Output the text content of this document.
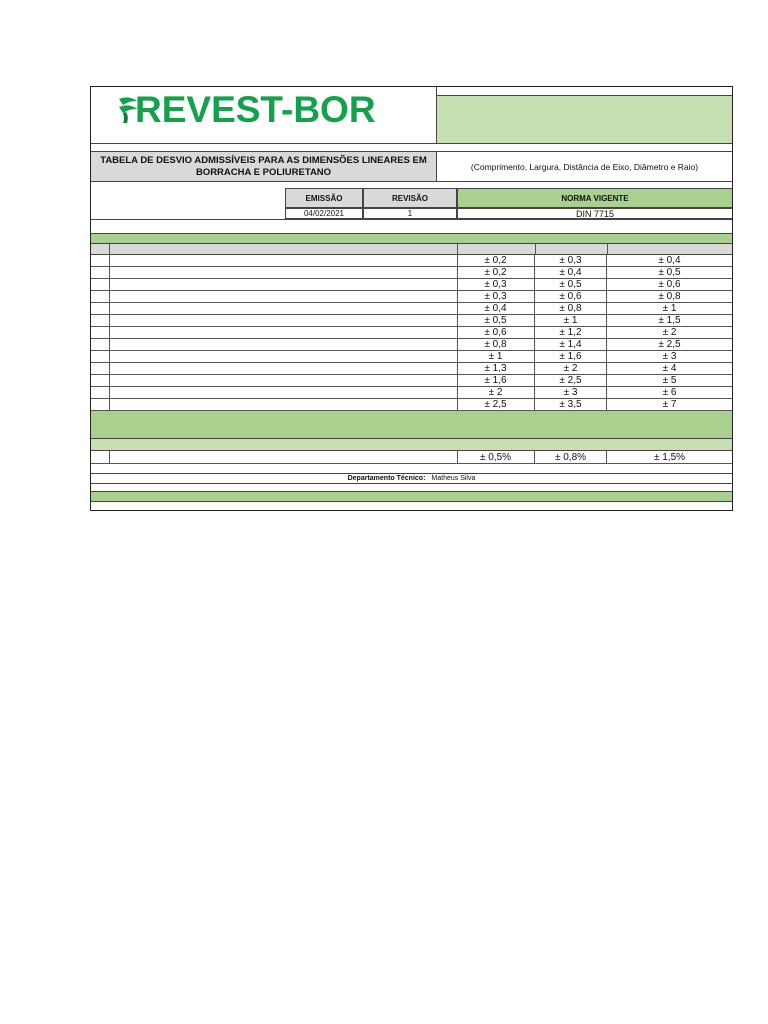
REVEST-BOR
TABELA DE DESVIO ADMISSÍVEIS PARA AS DIMENSÕES LINEARES EM BORRACHA E POLIURETANO	(Comprimento, Largura, Distância de Eixo, Diâmetro e Raio)
EMISSÃO	REVISÃO	NORMA VIGENTE
04/02/2021	1	DIN 7715
± 0,2	± 0,3	± 0,4
± 0,2	± 0,4	± 0,5
± 0,3	± 0,5	± 0,6
± 0,3	± 0,6	± 0,8
± 0,4	± 0,8	± 1
± 0,5	± 1	± 1,5
± 0,6	± 1,2	± 2
± 0,8	± 1,4	± 2,5
± 1	± 1,6	± 3
± 1,3	± 2	± 4
± 1,6	± 2,5	± 5
± 2	± 3	± 6
± 2,5	± 3,5	± 7
± 0,5%	± 0,8%	± 1,5%
Departamento Técnico: Matheus Silva
